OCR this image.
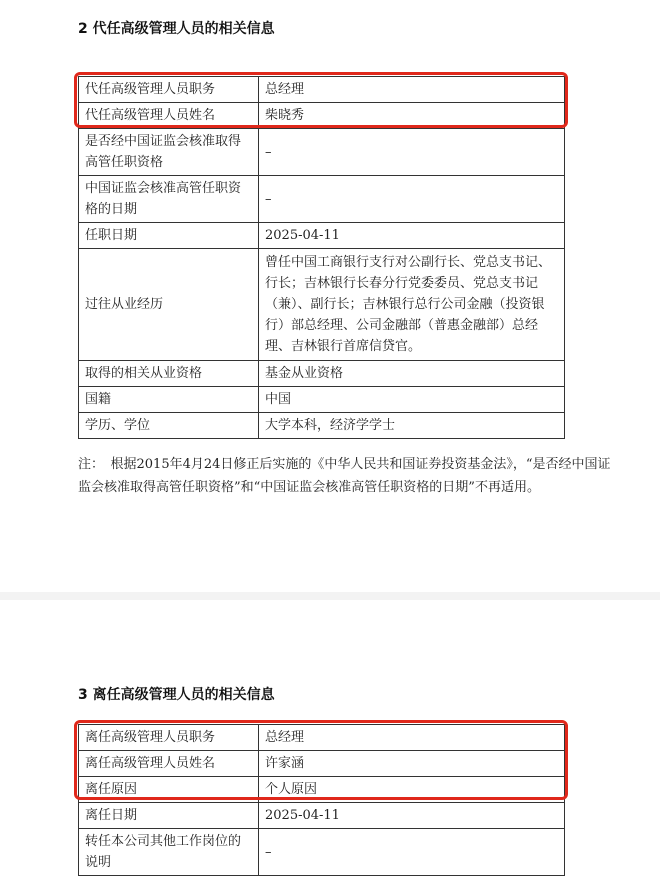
2 代任高级管理人员的相关信息
代任高级管理人员职务	总经理
代任高级管理人员姓名	柴晓秀
是否经中国证监会核准取得高管任职资格	–
中国证监会核准高管任职资格的日期	–
任职日期	2025-04-11
过往从业经历	曾任中国工商银行支行对公副行长、党总支书记、行长；吉林银行长春分行党委委员、党总支书记（兼）、副行长；吉林银行总行公司金融（投资银行）部总经理、公司金融部（普惠金融部）总经理、吉林银行首席信贷官。
取得的相关从业资格	基金从业资格
国籍	中国
学历、学位	大学本科，经济学学士
注：　根据2015年4月24日修正后实施的《中华人民共和国证券投资基金法》，“是否经中国证监会核准取得高管任职资格”和“中国证监会核准高管任职资格的日期”不再适用。
3 离任高级管理人员的相关信息
离任高级管理人员职务	总经理
离任高级管理人员姓名	许家涵
离任原因	个人原因
离任日期	2025-04-11
转任本公司其他工作岗位的说明	–
